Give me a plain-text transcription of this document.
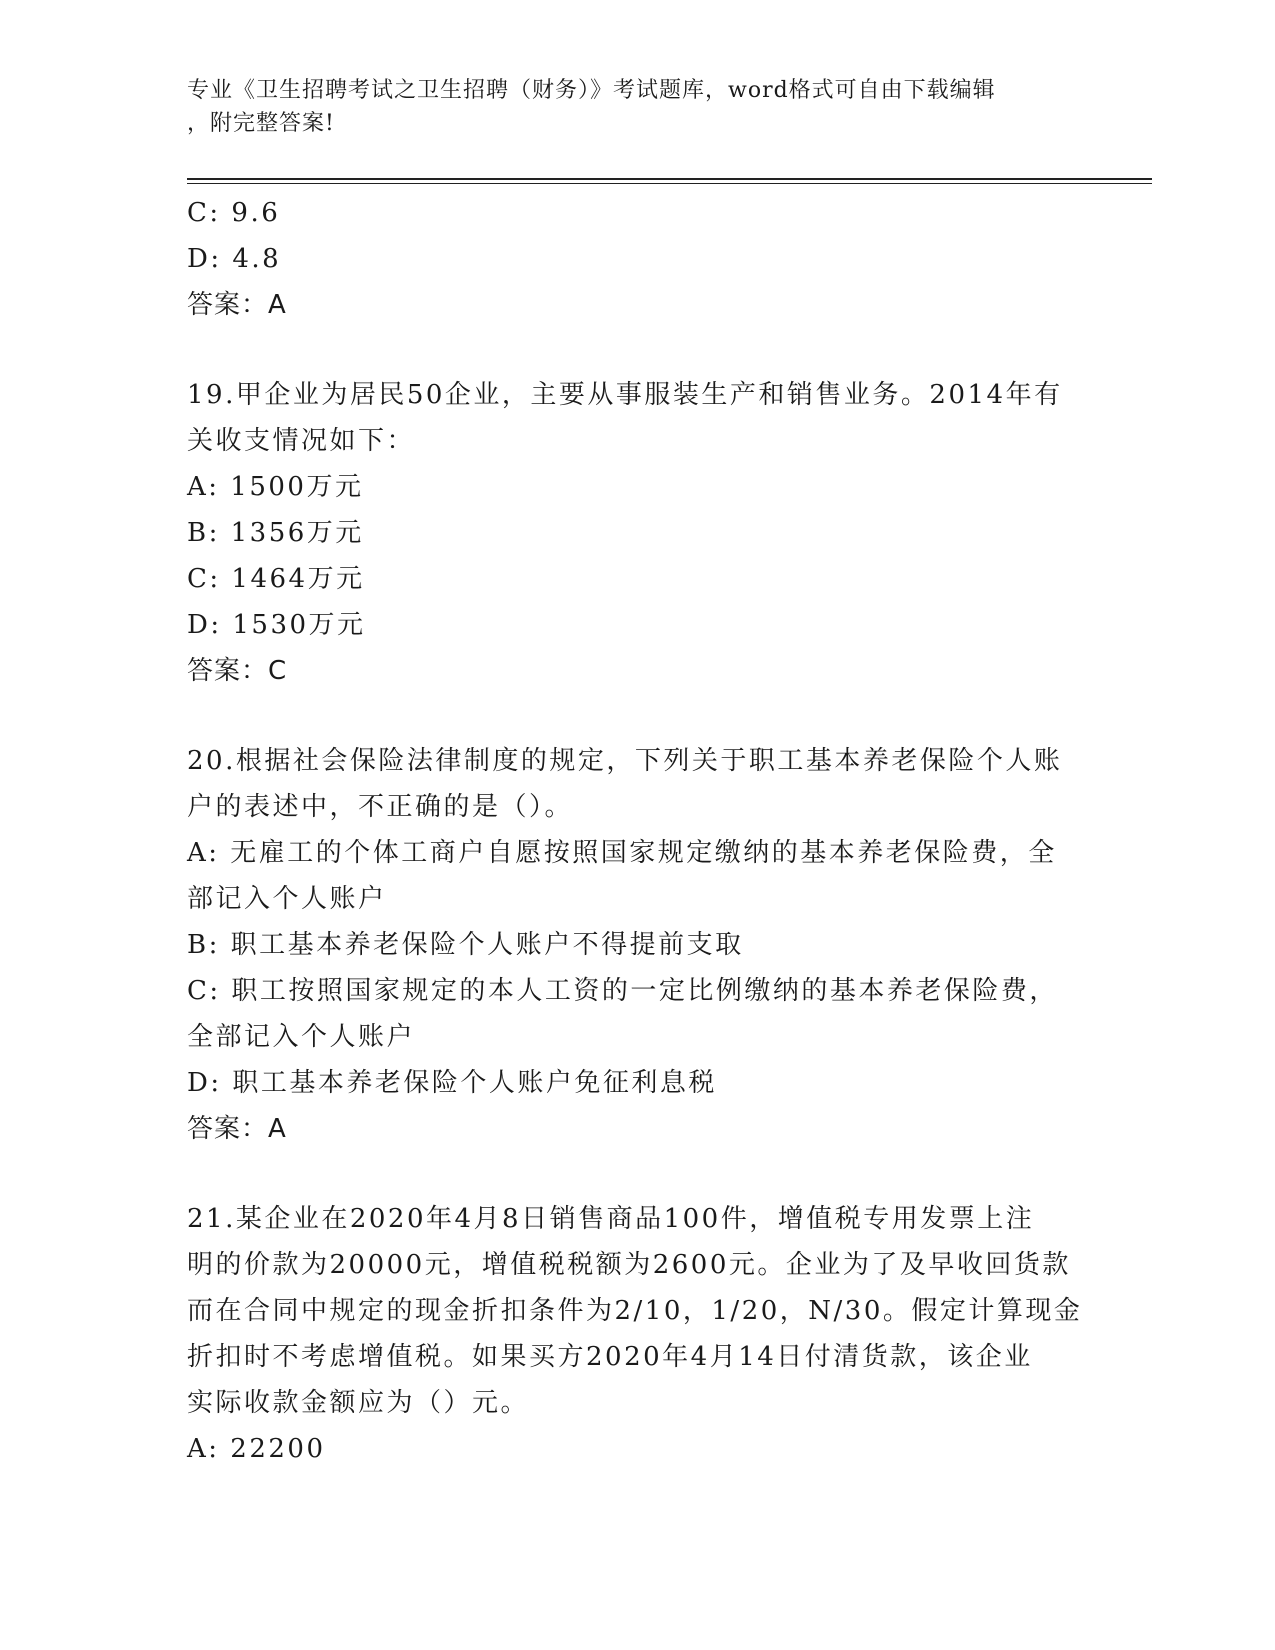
专业《卫生招聘考试之卫生招聘（财务）》考试题库，word格式可自由下载编辑
，附完整答案!
C: 9.6
D: 4.8
答案：A
19.甲企业为居民50企业，主要从事服装生产和销售业务。2014年有
关收支情况如下：
A: 1500万元
B: 1356万元
C: 1464万元
D: 1530万元
答案：C
20.根据社会保险法律制度的规定，下列关于职工基本养老保险个人账
户的表述中，不正确的是（）。
A: 无雇工的个体工商户自愿按照国家规定缴纳的基本养老保险费，全
部记入个人账户
B: 职工基本养老保险个人账户不得提前支取
C: 职工按照国家规定的本人工资的一定比例缴纳的基本养老保险费，
全部记入个人账户
D: 职工基本养老保险个人账户免征利息税
答案：A
21.某企业在2020年4月8日销售商品100件，增值税专用发票上注
明的价款为20000元，增值税税额为2600元。企业为了及早收回货款
而在合同中规定的现金折扣条件为2/10，1/20，N/30。假定计算现金
折扣时不考虑增值税。如果买方2020年4月14日付清货款，该企业
实际收款金额应为（）元。
A: 22200
